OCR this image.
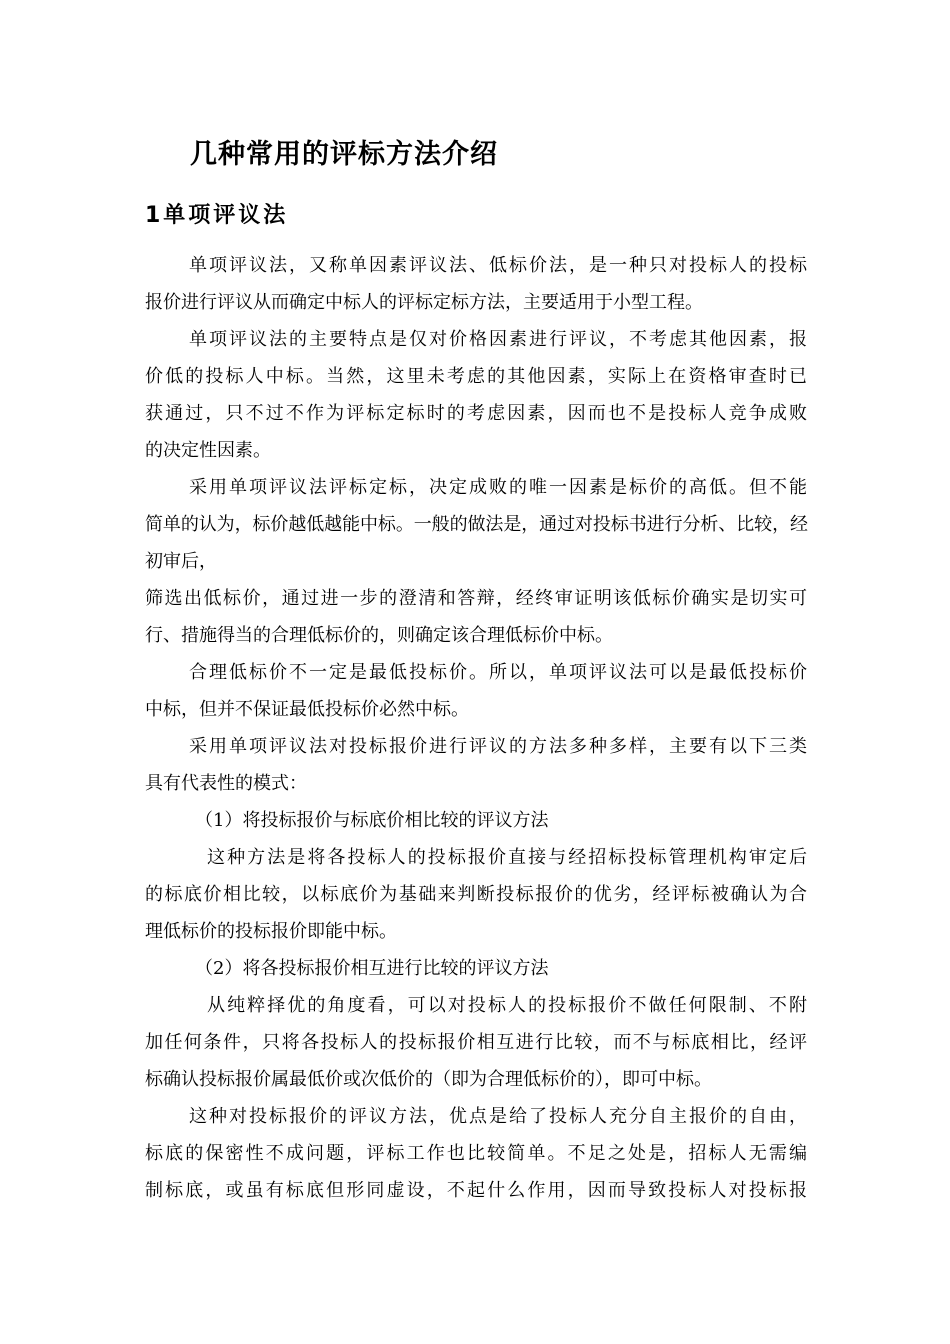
几种常用的评标方法介绍
1单项评议法

单项评议法，又称单因素评议法、低标价法，是一种只对投标人的投标

报价进行评议从而确定中标人的评标定标方法，主要适用于小型工程。

单项评议法的主要特点是仅对价格因素进行评议，不考虑其他因素，报

价低的投标人中标。当然，这里未考虑的其他因素，实际上在资格审查时已

获通过，只不过不作为评标定标时的考虑因素，因而也不是投标人竞争成败

的决定性因素。

采用单项评议法评标定标，决定成败的唯一因素是标价的高低。但不能

简单的认为，标价越低越能中标。一般的做法是，通过对投标书进行分析、比较，经

初审后，

筛选出低标价，通过进一步的澄清和答辩，经终审证明该低标价确实是切实可

行、措施得当的合理低标价的，则确定该合理低标价中标。

合理低标价不一定是最低投标价。所以，单项评议法可以是最低投标价

中标，但并不保证最低投标价必然中标。

采用单项评议法对投标报价进行评议的方法多种多样，主要有以下三类

具有代表性的模式：

（1）将投标报价与标底价相比较的评议方法

这种方法是将各投标人的投标报价直接与经招标投标管理机构审定后

的标底价相比较，以标底价为基础来判断投标报价的优劣，经评标被确认为合

理低标价的投标报价即能中标。

（2）将各投标报价相互进行比较的评议方法

从纯粹择优的角度看，可以对投标人的投标报价不做任何限制、不附

加任何条件，只将各投标人的投标报价相互进行比较，而不与标底相比，经评

标确认投标报价属最低价或次低价的（即为合理低标价的），即可中标。

这种对投标报价的评议方法，优点是给了投标人充分自主报价的自由，

标底的保密性不成问题，评标工作也比较简单。不足之处是，招标人无需编

制标底，或虽有标底但形同虚设，不起什么作用，因而导致投标人对投标报
